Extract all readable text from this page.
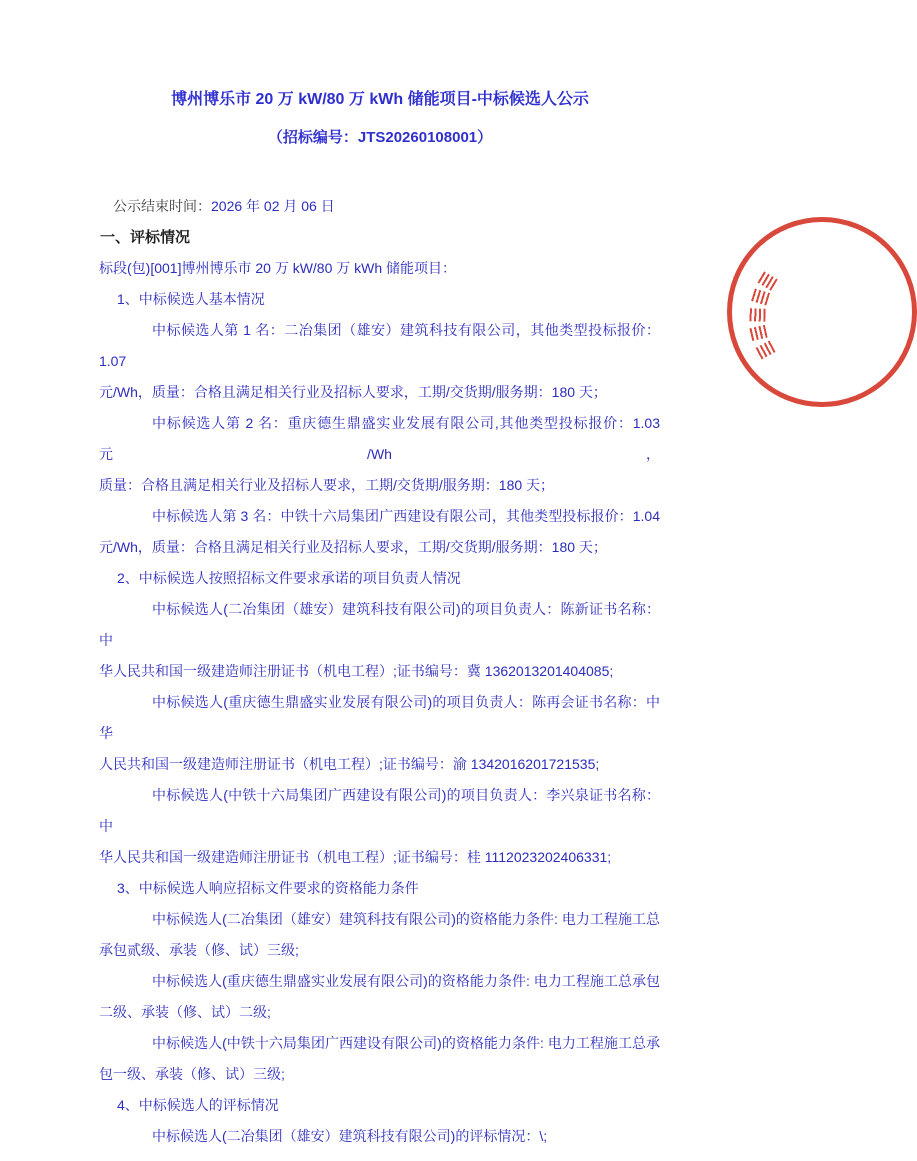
博州博乐市 20 万 kW/80 万 kWh 储能项目-中标候选人公示
（招标编号：JTS20260108001）

公示结束时间：2026 年 02 月 06 日

一、评标情况

标段(包)[001]博州博乐市 20 万 kW/80 万 kWh 储能项目：

1、中标候选人基本情况

中标候选人第 1 名：二冶集团（雄安）建筑科技有限公司，其他类型投标报价：1.07

元/Wh，质量：合格且满足相关行业及招标人要求，工期/交货期/服务期：180 天；

中标候选人第 2 名：重庆德生鼎盛实业发展有限公司,其他类型投标报价：1.03 元/Wh，

质量：合格且满足相关行业及招标人要求，工期/交货期/服务期：180 天；

中标候选人第 3 名：中铁十六局集团广西建设有限公司，其他类型投标报价：1.04

元/Wh，质量：合格且满足相关行业及招标人要求，工期/交货期/服务期：180 天；

2、中标候选人按照招标文件要求承诺的项目负责人情况

中标候选人(二冶集团（雄安）建筑科技有限公司)的项目负责人：陈新证书名称：中

华人民共和国一级建造师注册证书（机电工程）;证书编号：冀 1362013201404085;

中标候选人(重庆德生鼎盛实业发展有限公司)的项目负责人：陈再会证书名称：中华

人民共和国一级建造师注册证书（机电工程）;证书编号：渝 1342016201721535;

中标候选人(中铁十六局集团广西建设有限公司)的项目负责人：李兴泉证书名称：中

华人民共和国一级建造师注册证书（机电工程）;证书编号：桂 1112023202406331;

3、中标候选人响应招标文件要求的资格能力条件

中标候选人(二冶集团（雄安）建筑科技有限公司)的资格能力条件: 电力工程施工总

承包贰级、承装（修、试）三级;

中标候选人(重庆德生鼎盛实业发展有限公司)的资格能力条件: 电力工程施工总承包

二级、承装（修、试）二级;

中标候选人(中铁十六局集团广西建设有限公司)的资格能力条件: 电力工程施工总承

包一级、承装（修、试）三级;

4、中标候选人的评标情况

中标候选人(二冶集团（雄安）建筑科技有限公司)的评标情况：\;
